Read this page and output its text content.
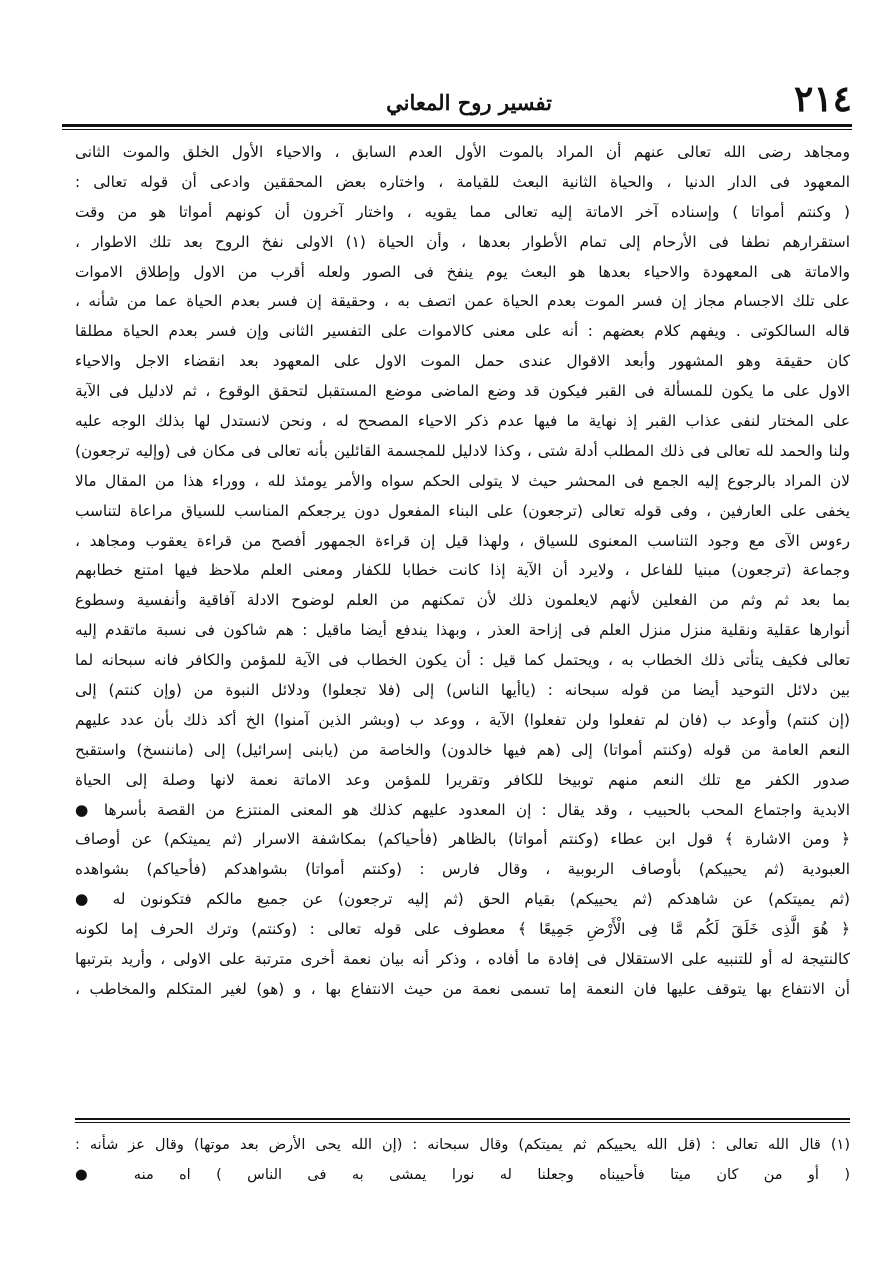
٢١٤
تفسير روح المعاني
ومجاهد رضى الله تعالى عنهم أن المراد بالموت الأول العدم السابق ، والاحياء الأول الخلق والموت الثانى
المعهود فى الدار الدنيا ، والحياة الثانية البعث للقيامة ، واختاره بعض المحققين وادعى أن قوله تعالى :
( وكنتم أمواتا ) وإسناده آخر الاماتة إليه تعالى مما يقويه ، واختار آخرون أن كونهم أمواتا هو من وقت
استقرارهم نطفا فى الأرحام إلى تمام الأطوار بعدها ، وأن الحياة (١) الاولى نفخ الروح بعد تلك الاطوار ،
والاماتة هى المعهودة والاحياء بعدها هو البعث يوم ينفخ فى الصور ولعله أقرب من الاول وإطلاق الاموات
على تلك الاجسام مجاز إن فسر الموت بعدم الحياة عمن اتصف به ، وحقيقة إن فسر بعدم الحياة عما من شأنه ،
قاله السالكوتى . ويفهم كلام بعضهم : أنه على معنى كالاموات على التفسير الثانى وإن فسر بعدم الحياة مطلقا
كان حقيقة وهو المشهور وأبعد الاقوال عندى حمل الموت الاول على المعهود بعد انقضاء الاجل والاحياء
الاول على ما يكون للمسألة فى القبر فيكون قد وضع الماضى موضع المستقبل لتحقق الوقوع ، ثم لادليل فى الآية
على المختار لنفى عذاب القبر إذ نهاية ما فيها عدم ذكر الاحياء المصحح له ، ونحن لانستدل لها بذلك الوجه عليه
ولنا والحمد لله تعالى فى ذلك المطلب أدلة شتى ، وكذا لادليل للمجسمة القائلين بأنه تعالى فى مكان فى (وإليه ترجعون)
لان المراد بالرجوع إليه الجمع فى المحشر حيث لا يتولى الحكم سواه والأمر يومئذ لله ، ووراء هذا من المقال مالا
يخفى على العارفين ، وفى قوله تعالى (ترجعون) على البناء المفعول دون يرجعكم المناسب للسياق مراعاة لتناسب
رءوس الآى مع وجود التناسب المعنوى للسياق ، ولهذا قيل إن قراءة الجمهور أفصح من قراءة يعقوب ومجاهد ،
وجماعة (ترجعون) مبنيا للفاعل ، ولايرد أن الآية إذا كانت خطابا للكفار ومعنى العلم ملاحظ فيها امتنع خطابهم
بما بعد ثم وثم من الفعلين لأنهم لايعلمون ذلك لأن تمكنهم من العلم لوضوح الادلة آفاقية وأنفسية وسطوع
أنوارها عقلية ونقلية منزل منزل العلم فى إزاحة العذر ، وبهذا يندفع أيضا ماقيل : هم شاكون فى نسبة ماتقدم إليه
تعالى فكيف يتأتى ذلك الخطاب به ، ويحتمل كما قيل : أن يكون الخطاب فى الآية للمؤمن والكافر فانه سبحانه لما
بين دلائل التوحيد أيضا من قوله سبحانه : (ياأيها الناس) إلى (فلا تجعلوا) ودلائل النبوة من (وإن كنتم) إلى
(إن كنتم) وأوعد ب (فان لم تفعلوا ولن تفعلوا) الآية ، ووعد ب (وبشر الذين آمنوا) الخ أكد ذلك بأن عدد عليهم
النعم العامة من قوله (وكنتم أمواتا) إلى (هم فيها خالدون) والخاصة من (يابنى إسرائيل) إلى (ماننسخ) واستقبح
صدور الكفر مع تلك النعم منهم توبيخا للكافر وتقريرا للمؤمن وعد الاماتة نعمة لانها وصلة إلى الحياة
الابدية واجتماع المحب بالحبيب ، وقد يقال : إن المعدود عليهم كذلك هو المعنى المنتزع من القصة بأسرها ●
﴿ ومن الاشارة ﴾ قول ابن عطاء (وكنتم أمواتا) بالظاهر (فأحياكم) بمكاشفة الاسرار (ثم يميتكم) عن أوصاف
العبودية (ثم يحييكم) بأوصاف الربوبية ، وقال فارس : (وكنتم أمواتا) بشواهدكم (فأحياكم) بشواهده
(ثم يميتكم) عن شاهدكم (ثم يحييكم) بقيام الحق (ثم إليه ترجعون) عن جميع مالكم فتكونون له ●
﴿ هُوَ الَّذِى خَلَقَ لَكُم مَّا فِى الْأَرْضِ جَمِيعًا ﴾ معطوف على قوله تعالى : (وكنتم) وترك الحرف إما لكونه
كالنتيجة له أو للتنبيه على الاستقلال فى إفادة ما أفاده ، وذكر أنه بيان نعمة أخرى مترتبة على الاولى ، وأريد بترتبها
أن الانتفاع بها يتوقف عليها فان النعمة إما تسمى نعمة من حيث الانتفاع بها ، و (هو) لغير المتكلم والمخاطب ،
(١) قال الله تعالى : (قل الله يحييكم ثم يميتكم) وقال سبحانه : (إن الله يحى الأرض بعد موتها) وقال عز شأنه :
( أو من كان ميتا فأحييناه وجعلنا له نورا يمشى به فى الناس ) اه منه ●
